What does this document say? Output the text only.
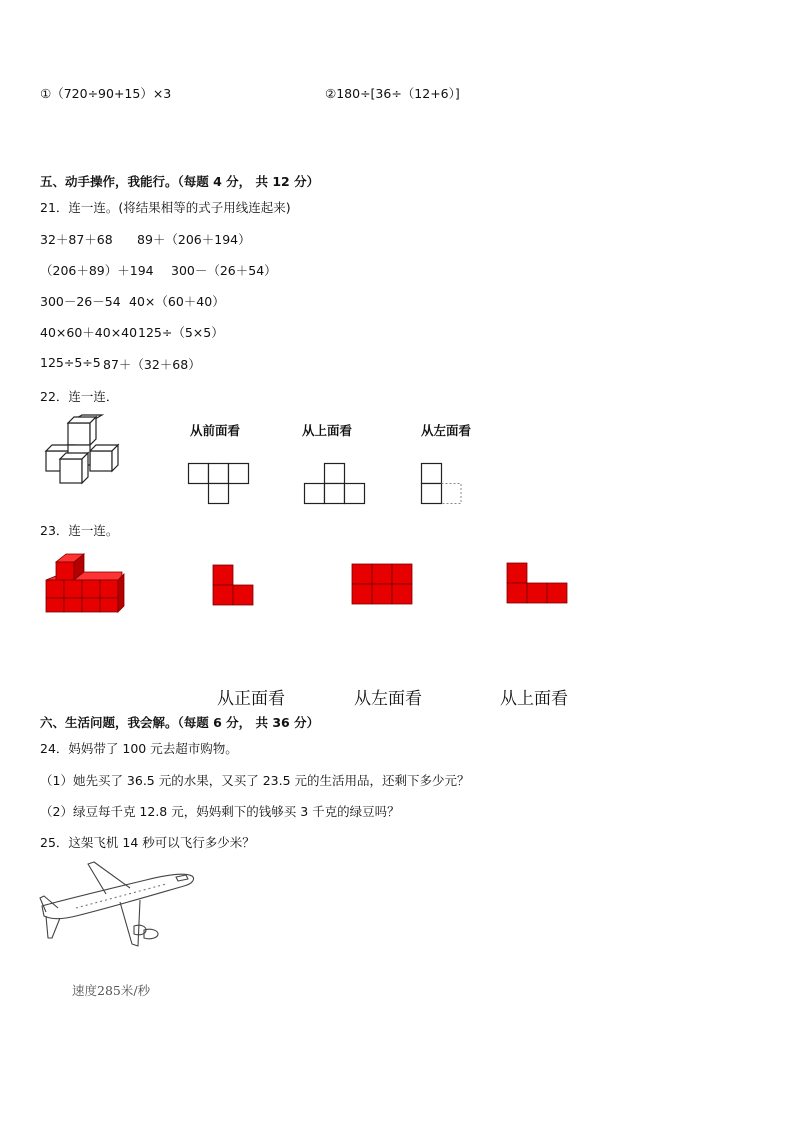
①（720÷90+15）×3	②180÷[36÷（12+6）]
五、动手操作，我能行。（每题 4 分， 共 12 分）
21．连一连。(将结果相等的式子用线连起来)
32＋87＋68 89＋（206＋194）
（206＋89）＋194 300－（26＋54）
300－26－54 40×（60＋40）
40×60＋40×40 125÷（5×5）
125÷5÷5 87＋（32＋68）
22．连一连．
从前面看	从上面看	从左面看
23．连一连。
从正面看	从左面看	从上面看
六、生活问题，我会解。（每题 6 分， 共 36 分）
24．妈妈带了 100 元去超市购物。
（1）她先买了 36.5 元的水果，又买了 23.5 元的生活用品，还剩下多少元？
（2）绿豆每千克 12.8 元，妈妈剩下的钱够买 3 千克的绿豆吗？
25．这架飞机 14 秒可以飞行多少米？
速度285米/秒
